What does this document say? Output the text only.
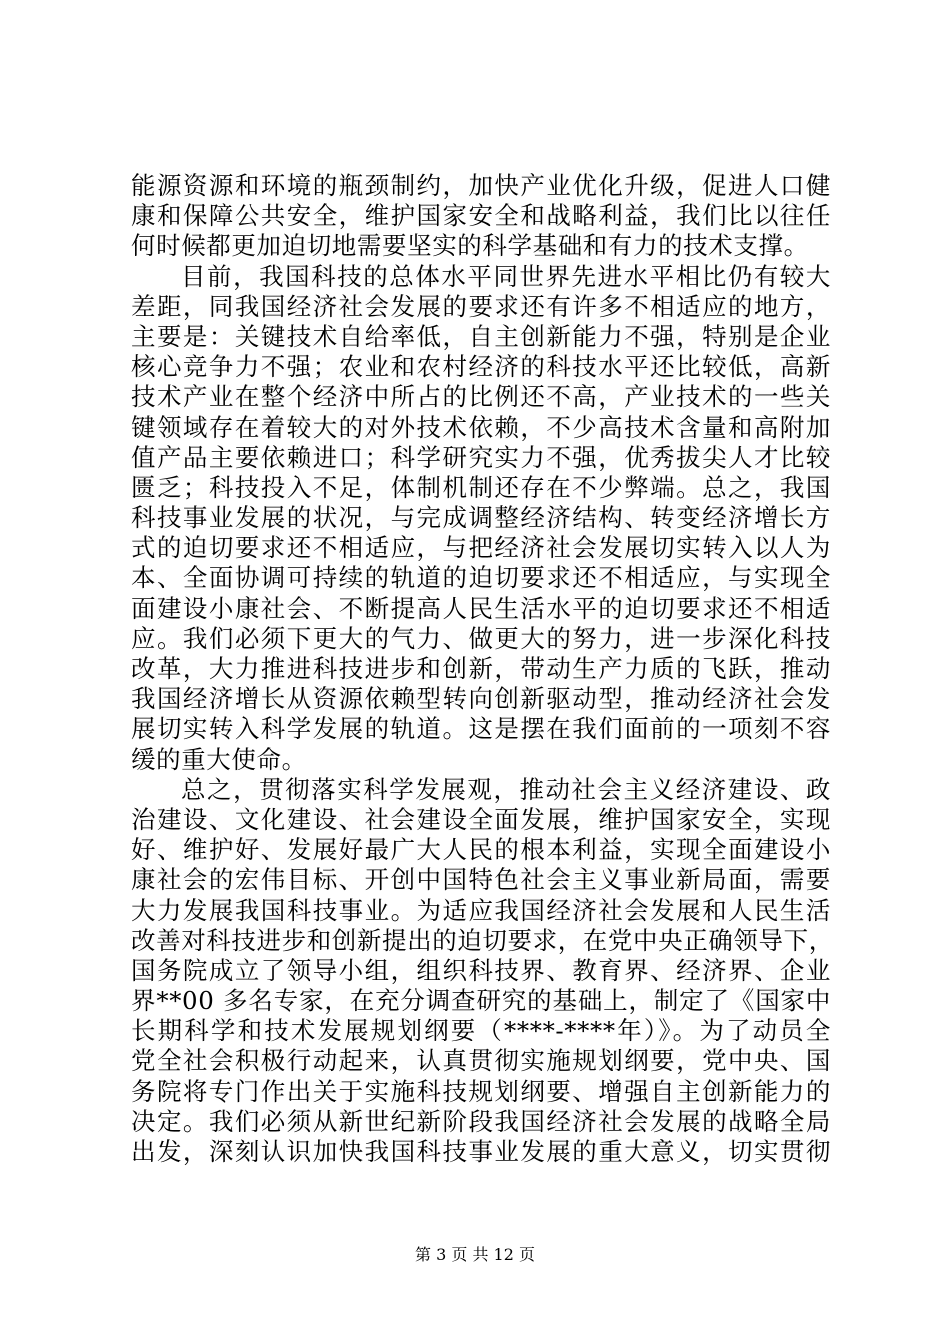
能源资源和环境的瓶颈制约，加快产业优化升级，促进人口健
康和保障公共安全，维护国家安全和战略利益，我们比以往任
何时候都更加迫切地需要坚实的科学基础和有力的技术支撑。
目前，我国科技的总体水平同世界先进水平相比仍有较大
差距，同我国经济社会发展的要求还有许多不相适应的地方，
主要是：关键技术自给率低，自主创新能力不强，特别是企业
核心竞争力不强；农业和农村经济的科技水平还比较低，高新
技术产业在整个经济中所占的比例还不高，产业技术的一些关
键领域存在着较大的对外技术依赖，不少高技术含量和高附加
值产品主要依赖进口；科学研究实力不强，优秀拔尖人才比较
匮乏；科技投入不足，体制机制还存在不少弊端。总之，我国
科技事业发展的状况，与完成调整经济结构、转变经济增长方
式的迫切要求还不相适应，与把经济社会发展切实转入以人为
本、全面协调可持续的轨道的迫切要求还不相适应，与实现全
面建设小康社会、不断提高人民生活水平的迫切要求还不相适
应。我们必须下更大的气力、做更大的努力，进一步深化科技
改革，大力推进科技进步和创新，带动生产力质的飞跃，推动
我国经济增长从资源依赖型转向创新驱动型，推动经济社会发
展切实转入科学发展的轨道。这是摆在我们面前的一项刻不容
缓的重大使命。
总之，贯彻落实科学发展观，推动社会主义经济建设、政
治建设、文化建设、社会建设全面发展，维护国家安全，实现
好、维护好、发展好最广大人民的根本利益，实现全面建设小
康社会的宏伟目标、开创中国特色社会主义事业新局面，需要
大力发展我国科技事业。为适应我国经济社会发展和人民生活
改善对科技进步和创新提出的迫切要求，在党中央正确领导下，
国务院成立了领导小组，组织科技界、教育界、经济界、企业
界**00 多名专家，在充分调查研究的基础上，制定了《国家中
长期科学和技术发展规划纲要（****-****年）》。为了动员全
党全社会积极行动起来，认真贯彻实施规划纲要，党中央、国
务院将专门作出关于实施科技规划纲要、增强自主创新能力的
决定。我们必须从新世纪新阶段我国经济社会发展的战略全局
出发，深刻认识加快我国科技事业发展的重大意义，切实贯彻
第 3 页 共 12 页
